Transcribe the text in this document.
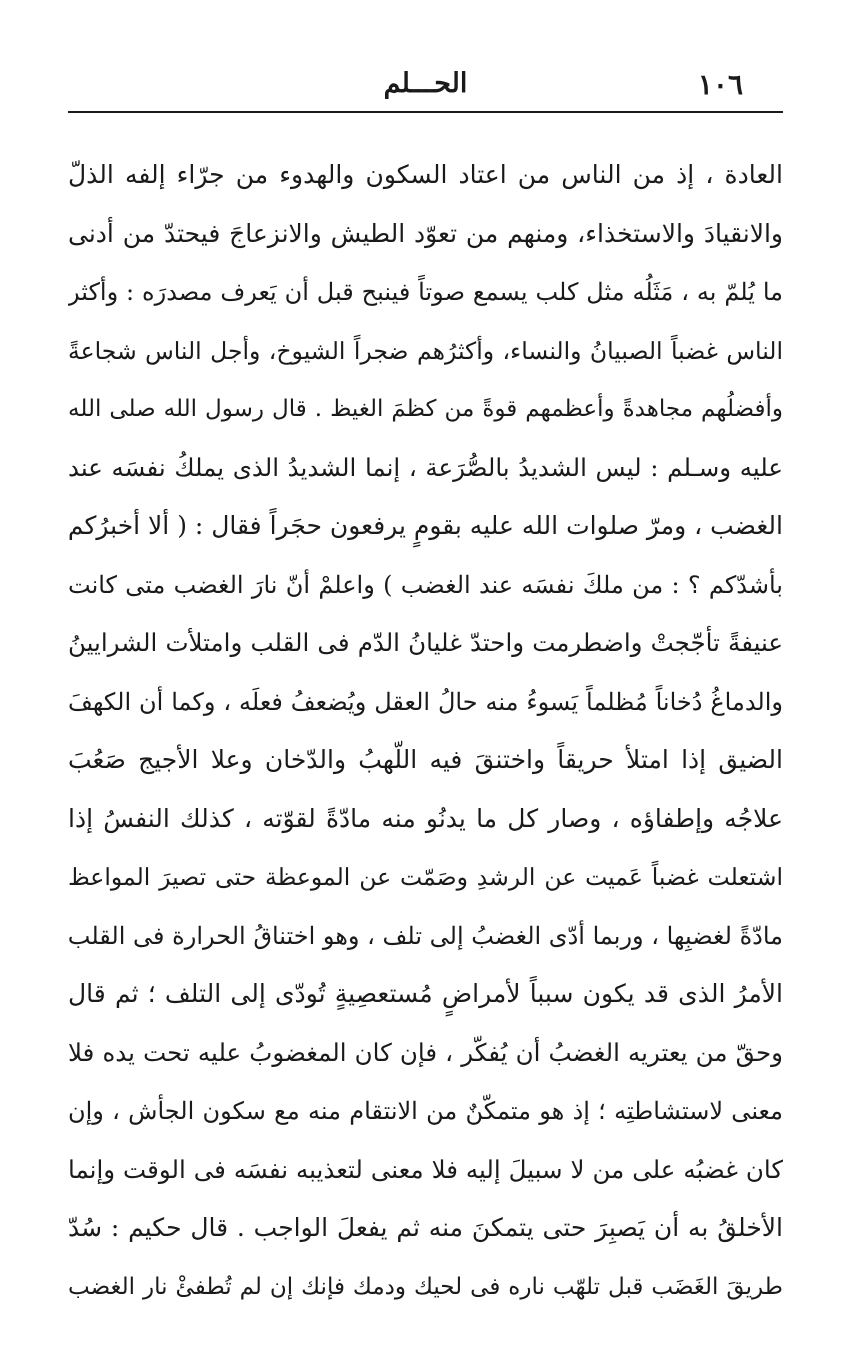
١٠٦
الحـــلم
العادة ، إذ من الناس من اعتاد السكون والهدوء من جرّاء إلفه الذلّ
والانقيادَ والاستخذاء، ومنهم من تعوّد الطيش والانزعاجَ فيحتدّ من أدنى
ما يُلمّ به ، مَثَلُه مثل كلب يسمع صوتاً فينبح قبل أن يَعرف مصدرَه : وأكثر
الناس غضباً الصبيانُ والنساء، وأكثرُهم ضجراً الشيوخ، وأجل الناس شجاعةً
وأفضلُهم مجاهدةً وأعظمهم قوةً من كظمَ الغيظ . قال رسول الله صلى الله
عليه وسـلم : ليس الشديدُ بالصُّرَعة ، إنما الشديدُ الذى يملكُ نفسَه عند
الغضب ، ومرّ صلوات الله عليه بقومٍ يرفعون حجَراً فقال : ( ألا أخبرُكم
بأشدّكم ؟ : من ملكَ نفسَه عند الغضب ) واعلمْ أنّ نارَ الغضب متى كانت
عنيفةً تأجّجتْ واضطرمت واحتدّ غليانُ الدّم فى القلب وامتلأت الشرايينُ
والدماغُ دُخاناً مُظلماً يَسوءُ منه حالُ العقل ويُضعفُ فعلَه ، وكما أن الكهفَ
الضيق إذا امتلأ حريقاً واختنقَ فيه اللّهبُ والدّخان وعلا الأجيج صَعُبَ
علاجُه وإطفاؤه ، وصار كل ما يدنُو منه مادّةً لقوّته ، كذلك النفسُ إذا
اشتعلت غضباً عَميت عن الرشدِ وصَمّت عن الموعظة حتى تصيرَ المواعظ
مادّةً لغضبِها ، وربما أدّى الغضبُ إلى تلف ، وهو اختناقُ الحرارة فى القلب
الأمرُ الذى قد يكون سبباً لأمراضٍ مُستعصِيةٍ تُودّى إلى التلف ؛ ثم قال
وحقّ من يعتريه الغضبُ أن يُفكّر ، فإن كان المغضوبُ عليه تحت يده فلا
معنى لاستشاطتِه ؛ إذ هو متمكّنٌ من الانتقام منه مع سكون الجأش ، وإن
كان غضبُه على من لا سبيلَ إليه فلا معنى لتعذيبه نفسَه فى الوقت وإنما
الأخلقُ به أن يَصبِرَ حتى يتمكنَ منه ثم يفعلَ الواجب . قال حكيم : سُدّ
طريقَ الغَضَب قبل تلهّب ناره فى لحيك ودمك فإنك إن لم تُطفئْ نار الغضب
